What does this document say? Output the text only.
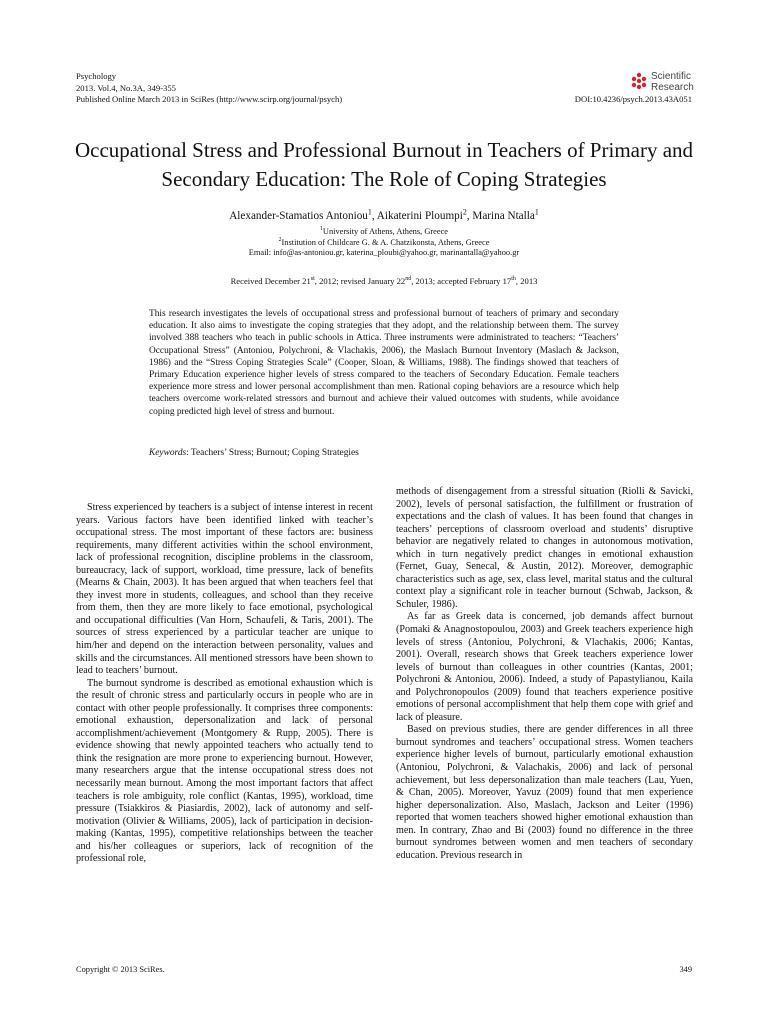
Psychology
2013. Vol.4, No.3A, 349-355
Published Online March 2013 in SciRes (http://www.scirp.org/journal/psych)
Scientific
Research
DOI:10.4236/psych.2013.43A051
Occupational Stress and Professional Burnout in Teachers of Primary and Secondary Education: The Role of Coping Strategies
Alexander-Stamatios Antoniou$^1$, Aikaterini Ploumpi$^2$, Marina Ntalla$^1$
$^1$University of Athens, Athens, Greece
$^2$Institution of Childcare G. & A. Chatzikonsta, Athens, Greece
Email: info@as-antoniou.gr, katerina_ploubi@yahoo.gr, marinantalla@yahoo.gr
Received December 21st, 2012; revised January 22nd, 2013; accepted February 17th, 2013
This research investigates the levels of occupational stress and professional burnout of teachers of primary and secondary education. It also aims to investigate the coping strategies that they adopt, and the relationship between them. The survey involved 388 teachers who teach in public schools in Attica. Three instruments were administrated to teachers: “Teachers’ Occupational Stress” (Antoniou, Polychroni, & Vlachakis, 2006), the Maslach Burnout Inventory (Maslach & Jackson, 1986) and the “Stress Coping Strategies Scale” (Cooper, Sloan, & Williams, 1988). The findings showed that teachers of Primary Education experience higher levels of stress compared to the teachers of Secondary Education. Female teachers experience more stress and lower personal accomplishment than men. Rational coping behaviors are a resource which help teachers overcome work-related stressors and burnout and achieve their valued outcomes with students, while avoidance coping predicted high level of stress and burnout.
Keywords: Teachers’ Stress; Burnout; Coping Strategies

Stress experienced by teachers is a subject of intense interest in recent years. Various factors have been identified linked with teacher’s occupational stress. The most important of these factors are: business requirements, many different activities within the school environment, lack of professional recognition, discipline problems in the classroom, bureaucracy, lack of support, workload, time pressure, lack of benefits (Mearns & Chain, 2003). It has been argued that when teachers feel that they invest more in students, colleagues, and school than they receive from them, then they are more likely to face emotional, psychological and occupational difficulties (Van Horn, Schaufeli, & Taris, 2001). The sources of stress experienced by a particular teacher are unique to him/her and depend on the interaction between personality, values and skills and the circumstances. All mentioned stressors have been shown to lead to teachers’ burnout.

The burnout syndrome is described as emotional exhaustion which is the result of chronic stress and particularly occurs in people who are in contact with other people professionally. It comprises three components: emotional exhaustion, depersonalization and lack of personal accomplishment/achievement (Montgomery & Rupp, 2005). There is evidence showing that newly appointed teachers who actually tend to think the resignation are more prone to experiencing burnout. However, many researchers argue that the intense occupational stress does not necessarily mean burnout. Among the most important factors that affect teachers is role ambiguity, role conflict (Kantas, 1995), workload, time pressure (Tsiakkiros & Piasiardis, 2002), lack of autonomy and self-motivation (Olivier & Williams, 2005), lack of participation in decision-making (Kantas, 1995), competitive relationships between the teacher and his/her colleagues or superiors, lack of recognition of the professional role,

methods of disengagement from a stressful situation (Riolli & Savicki, 2002), levels of personal satisfaction, the fulfillment or frustration of expectations and the clash of values. It has been found that changes in teachers’ perceptions of classroom overload and students’ disruptive behavior are negatively related to changes in autonomous motivation, which in turn negatively predict changes in emotional exhaustion (Fernet, Guay, Senecal, & Austin, 2012). Moreover, demographic characteristics such as age, sex, class level, marital status and the cultural context play a significant role in teacher burnout (Schwab, Jackson, & Schuler, 1986).

As far as Greek data is concerned, job demands affect burnout (Pomaki & Anagnostopoulou, 2003) and Greek teachers experience high levels of stress (Antoniou, Polychroni, & Vlachakis, 2006; Kantas, 2001). Overall, research shows that Greek teachers experience lower levels of burnout than colleagues in other countries (Kantas, 2001; Polychroni & Antoniou, 2006). Indeed, a study of Papastylianou, Kaila and Polychronopoulos (2009) found that teachers experience positive emotions of personal accomplishment that help them cope with grief and lack of pleasure.

Based on previous studies, there are gender differences in all three burnout syndromes and teachers’ occupational stress. Women teachers experience higher levels of burnout, particularly emotional exhaustion (Antoniou, Polychroni, & Valachakis, 2006) and lack of personal achievement, but less depersonalization than male teachers (Lau, Yuen, & Chan, 2005). Moreover, Yavuz (2009) found that men experience higher depersonalization. Also, Maslach, Jackson and Leiter (1996) reported that women teachers showed higher emotional exhaustion than men. In contrary, Zhao and Bi (2003) found no difference in the three burnout syndromes between women and men teachers of secondary education. Previous research in

Copyright © 2013 SciRes.	349
